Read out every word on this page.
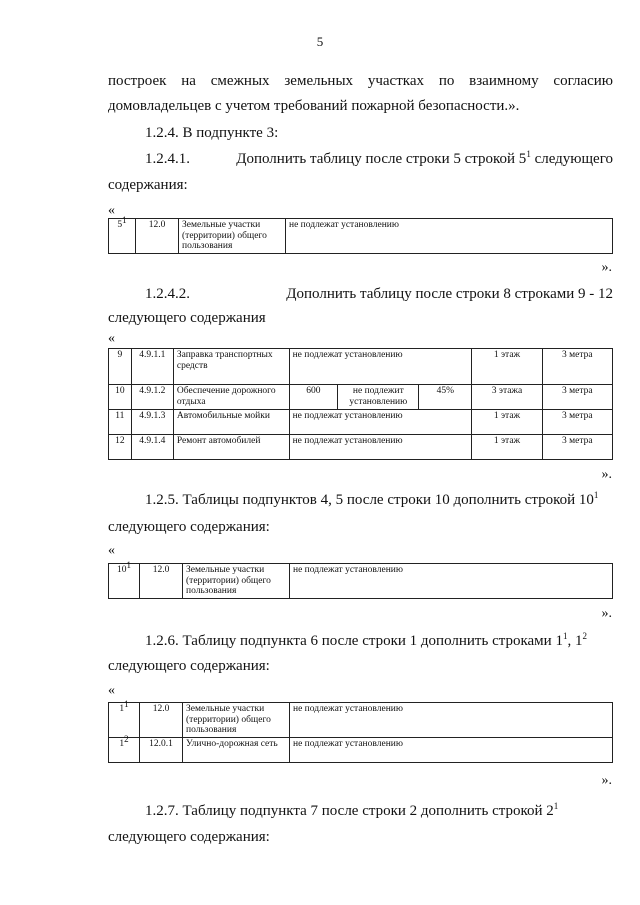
5
построек на смежных земельных участках по взаимному согласию
домовладельцев с учетом требований пожарной безопасности.».
1.2.4. В подпункте 3:
1.2.4.1.	Дополнить таблицу после строки 5 строкой $5^1$ следующего
содержания:
«
$5^1$	12.0	Земельные участки (территории) общего пользования	не подлежат установлению
».
1.2.4.2.	Дополнить таблицу после строки 8 строками 9 - 12
следующего содержания
«
9	4.9.1.1	Заправка транспортных средств	не подлежат установлению			1 этаж	3 метра
10	4.9.1.2	Обеспечение дорожного отдыха	600	не подлежит установлению	45%	3 этажа	3 метра
11	4.9.1.3	Автомобильные мойки	не подлежат установлению			1 этаж	3 метра
12	4.9.1.4	Ремонт автомобилей	не подлежат установлению			1 этаж	3 метра
».
1.2.5. Таблицы подпунктов 4, 5 после строки 10 дополнить строкой $10^1$
следующего содержания:
«
$10^1$	12.0	Земельные участки (территории) общего пользования	не подлежат установлению
».
1.2.6. Таблицу подпункта 6 после строки 1 дополнить строками $1^1$, $1^2$
следующего содержания:
«
$1^1$	12.0	Земельные участки (территории) общего пользования	не подлежат установлению
$1^2$	12.0.1	Улично-дорожная сеть	не подлежат установлению
».
1.2.7. Таблицу подпункта 7 после строки 2 дополнить строкой $2^1$
следующего содержания:
